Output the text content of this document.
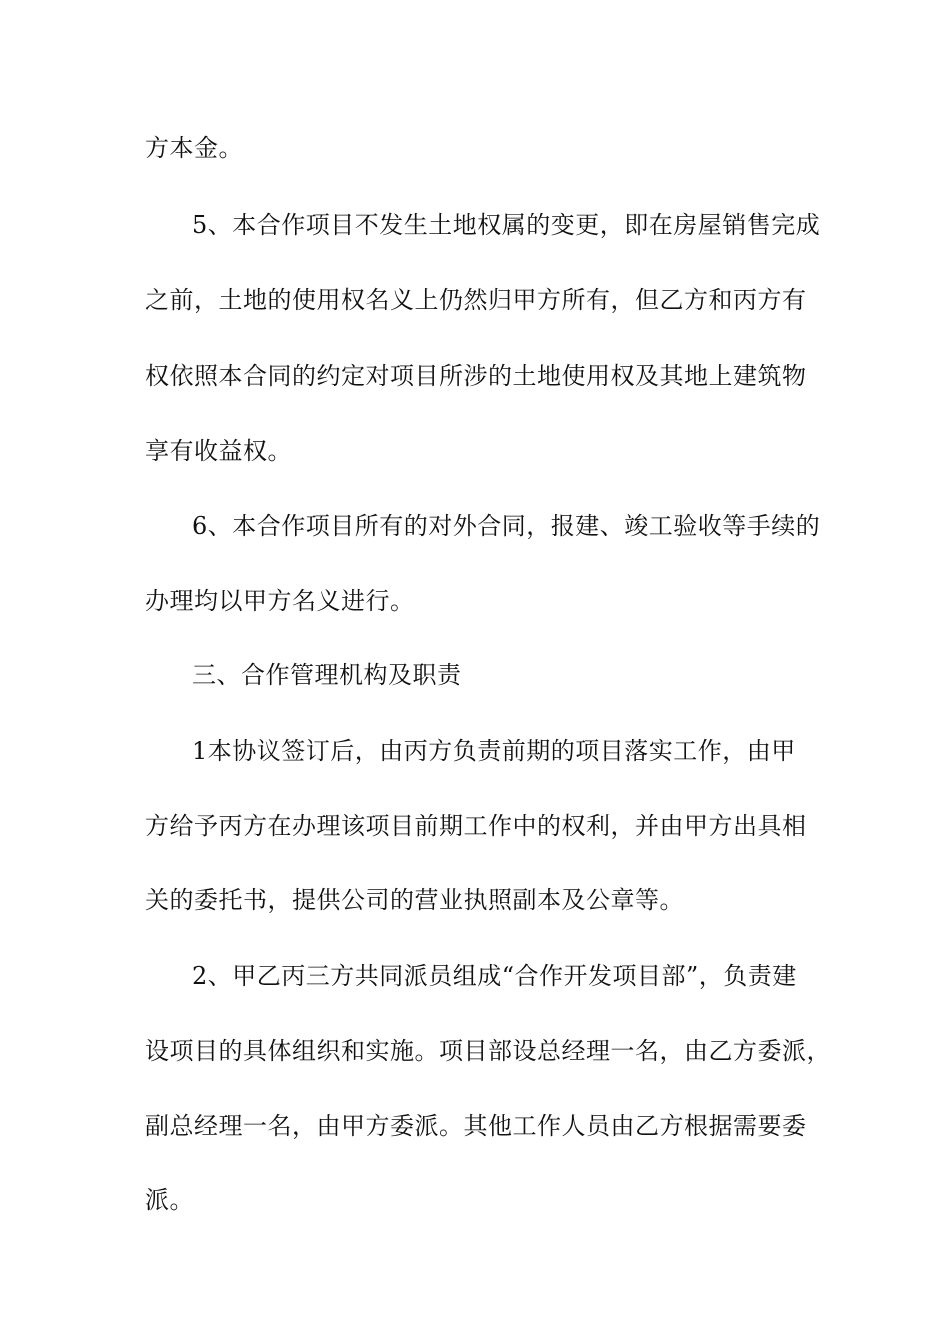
方本金。
5、本合作项目不发生土地权属的变更，即在房屋销售完成
之前，土地的使用权名义上仍然归甲方所有，但乙方和丙方有
权依照本合同的约定对项目所涉的土地使用权及其地上建筑物
享有收益权。
6、本合作项目所有的对外合同，报建、竣工验收等手续的
办理均以甲方名义进行。
三、合作管理机构及职责
1本协议签订后，由丙方负责前期的项目落实工作，由甲
方给予丙方在办理该项目前期工作中的权利，并由甲方出具相
关的委托书，提供公司的营业执照副本及公章等。
2、甲乙丙三方共同派员组成“合作开发项目部”，负责建
设项目的具体组织和实施。项目部设总经理一名，由乙方委派，
副总经理一名，由甲方委派。其他工作人员由乙方根据需要委
派。
